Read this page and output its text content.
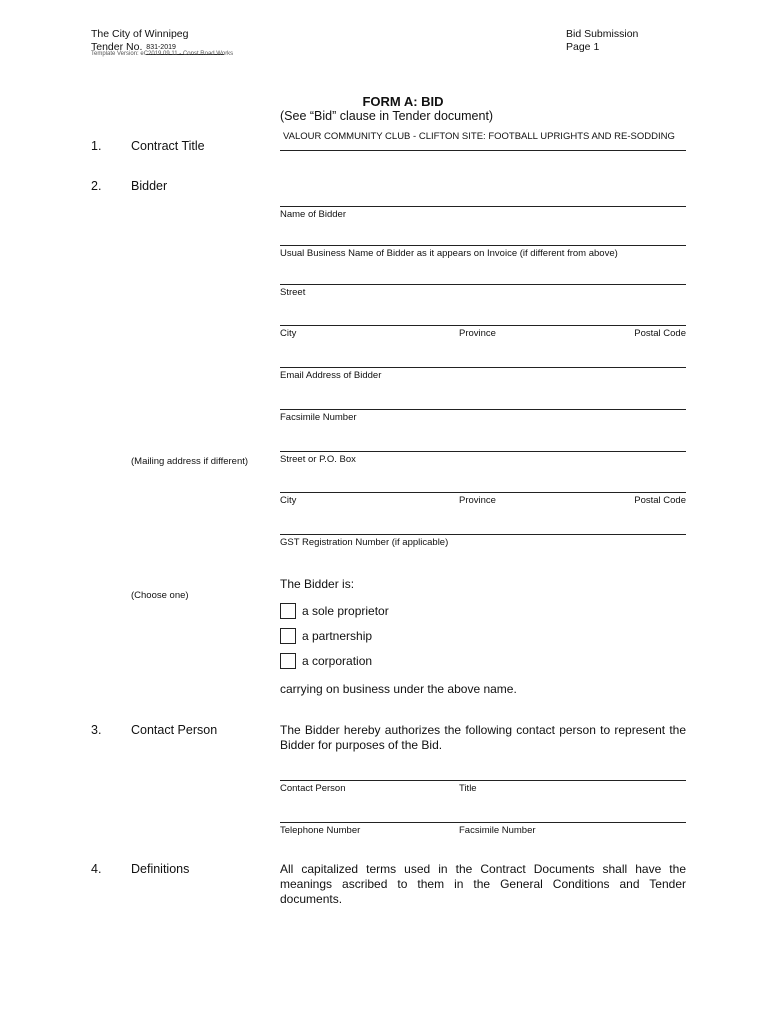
The City of Winnipeg
Tender No. 831-2019
Template Version: eC2019 09 11 - Const Road Works
Bid Submission
Page 1
FORM A: BID
(See “Bid” clause in Tender document)
1. Contract Title
VALOUR COMMUNITY CLUB - CLIFTON SITE: FOOTBALL UPRIGHTS AND RE-SODDING
2. Bidder
Name of Bidder
Usual Business Name of Bidder as it appears on Invoice (if different from above)
Street
City	Province	Postal Code
Email Address of Bidder
Facsimile Number
(Mailing address if different)	Street or P.O. Box
City	Province	Postal Code
GST Registration Number (if applicable)
(Choose one)
The Bidder is:
a sole proprietor
a partnership
a corporation
carrying on business under the above name.
3. Contact Person	The Bidder hereby authorizes the following contact person to represent the Bidder for purposes of the Bid.
Contact Person	Title
Telephone Number	Facsimile Number
4. Definitions	All capitalized terms used in the Contract Documents shall have the meanings ascribed to them in the General Conditions and Tender documents.
